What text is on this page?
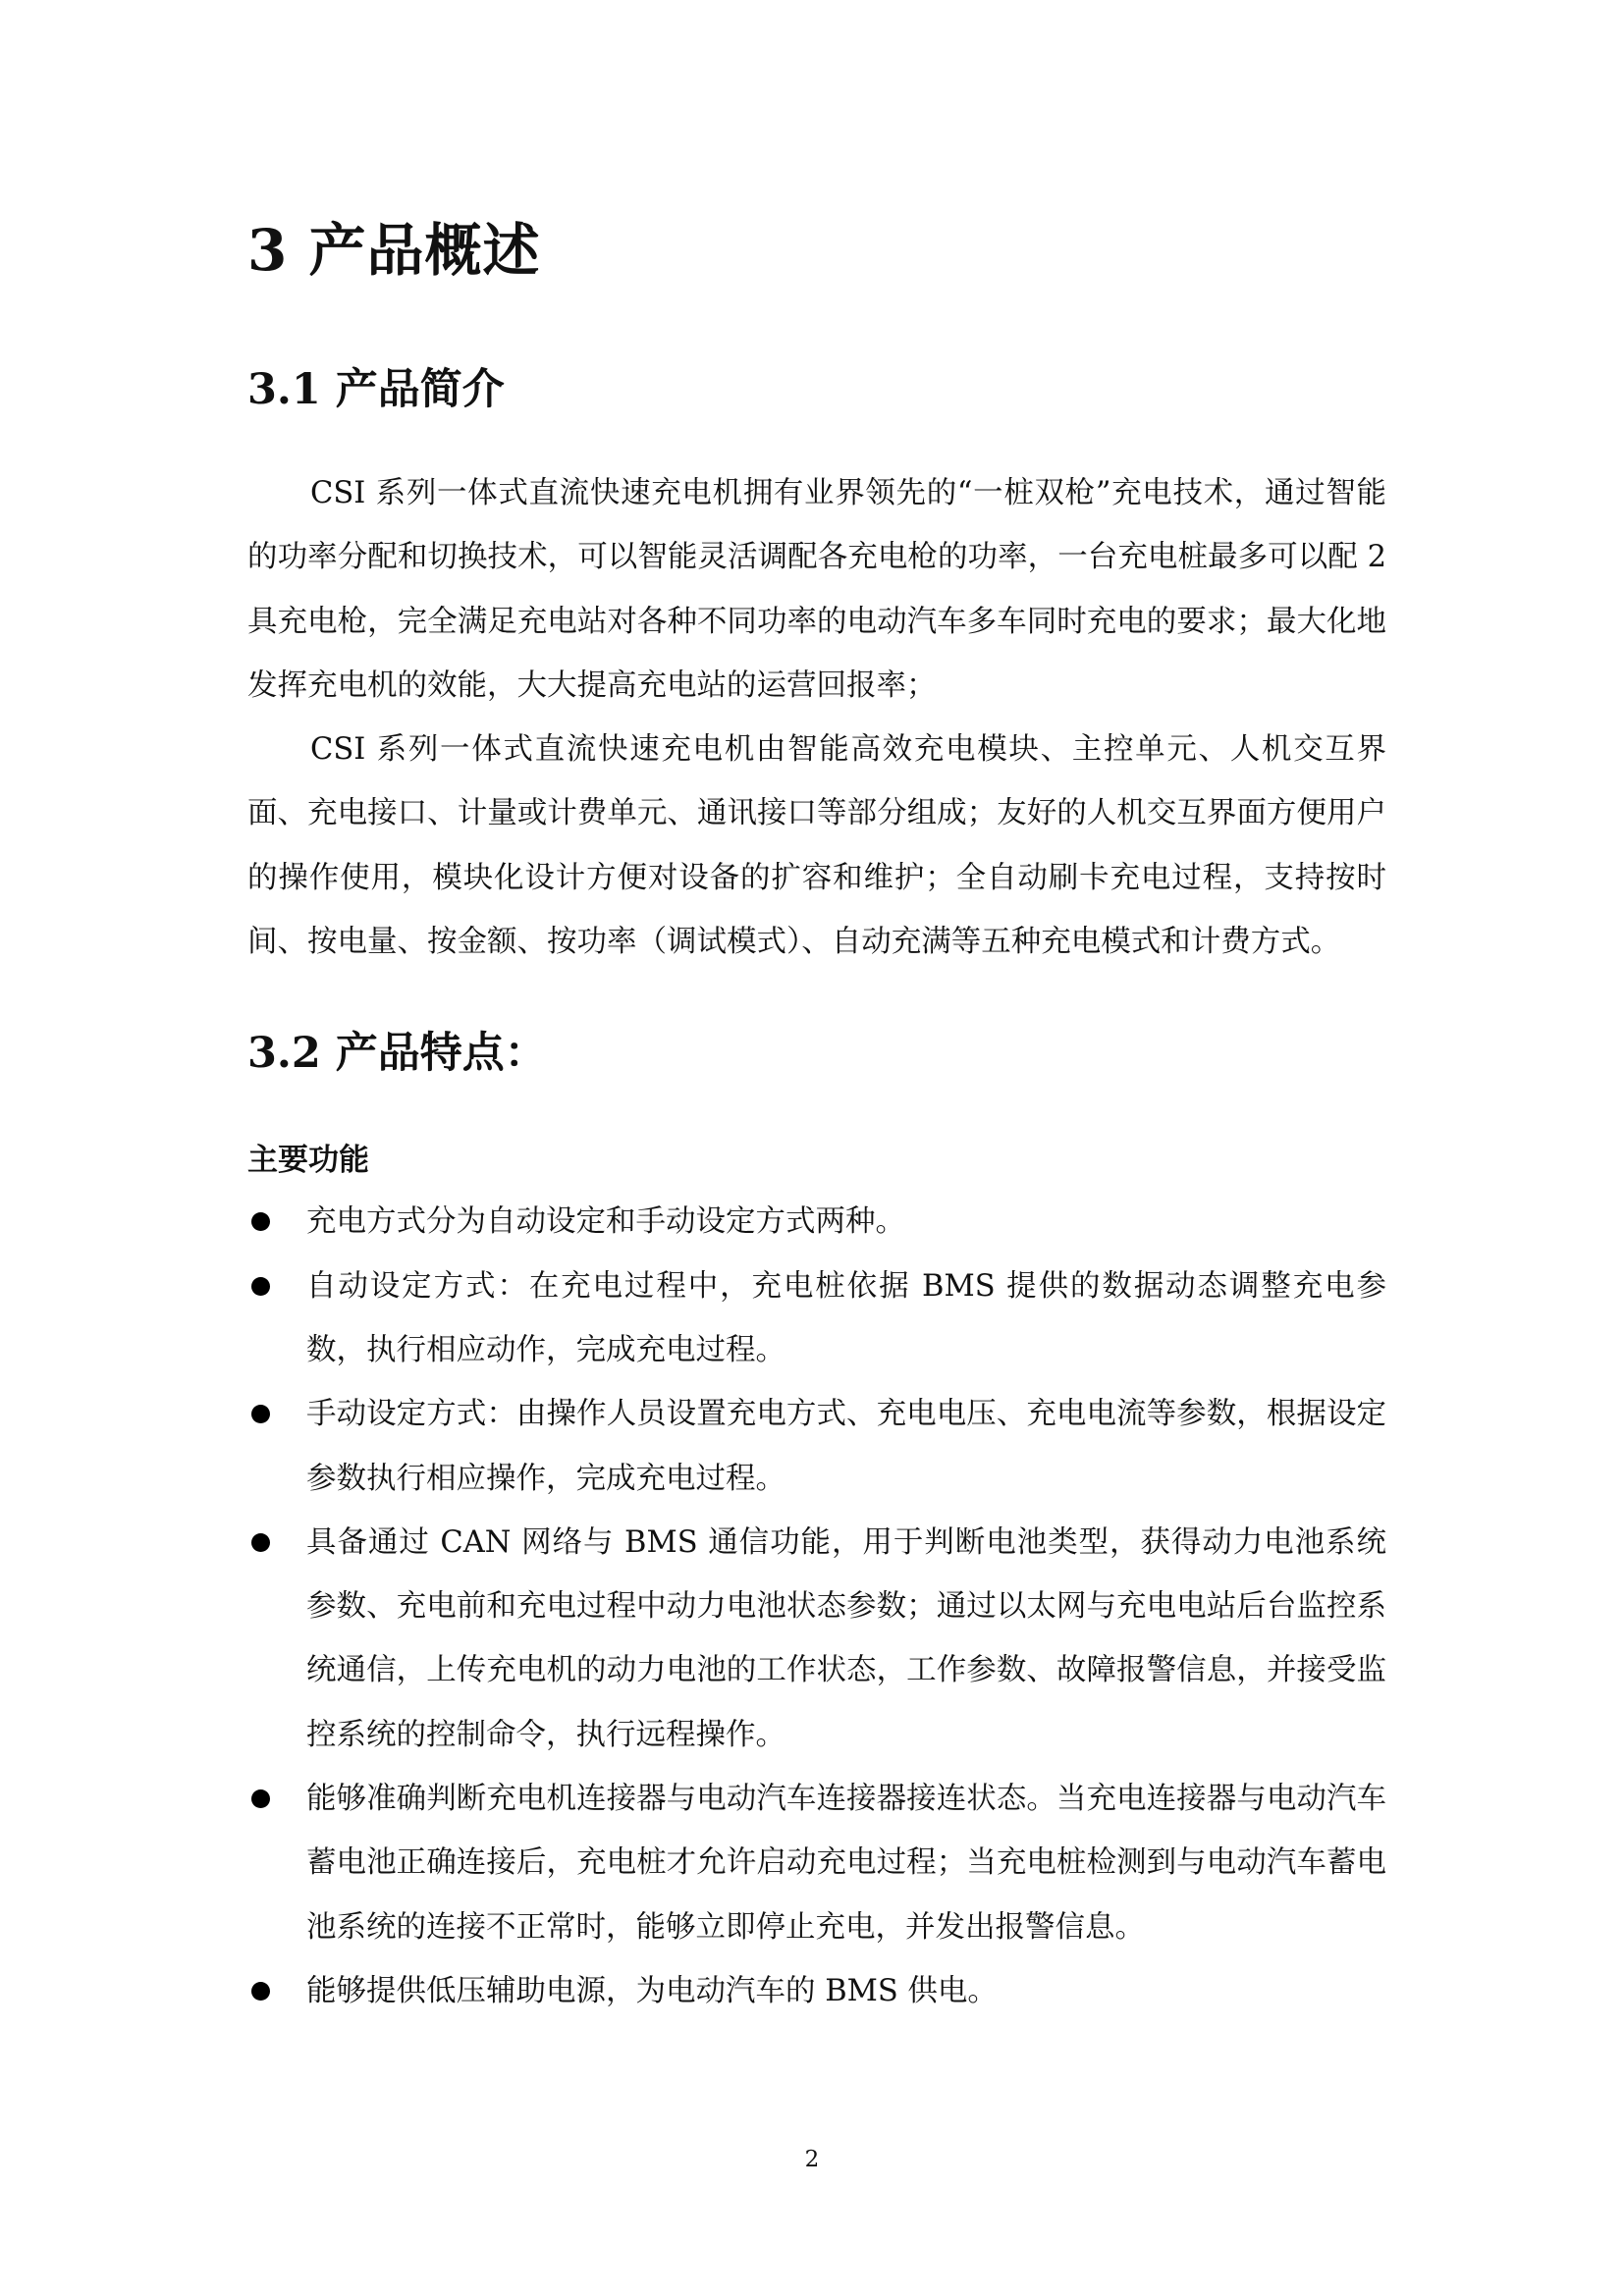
3 产品概述
3.1 产品简介

CSI 系列一体式直流快速充电机拥有业界领先的“一桩双枪”充电技术，通过智能的功率分配和切换技术，可以智能灵活调配各充电枪的功率，一台充电桩最多可以配 2 具充电枪，完全满足充电站对各种不同功率的电动汽车多车同时充电的要求；最大化地发挥充电机的效能，大大提高充电站的运营回报率；

CSI 系列一体式直流快速充电机由智能高效充电模块、主控单元、人机交互界面、充电接口、计量或计费单元、通讯接口等部分组成；友好的人机交互界面方便用户的操作使用，模块化设计方便对设备的扩容和维护；全自动刷卡充电过程，支持按时间、按电量、按金额、按功率（调试模式）、自动充满等五种充电模式和计费方式。

3.2 产品特点：
主要功能
充电方式分为自动设定和手动设定方式两种。
自动设定方式：在充电过程中，充电桩依据 BMS 提供的数据动态调整充电参数，执行相应动作，完成充电过程。
手动设定方式：由操作人员设置充电方式、充电电压、充电电流等参数，根据设定参数执行相应操作，完成充电过程。
具备通过 CAN 网络与 BMS 通信功能，用于判断电池类型，获得动力电池系统参数、充电前和充电过程中动力电池状态参数；通过以太网与充电电站后台监控系统通信，上传充电机的动力电池的工作状态，工作参数、故障报警信息，并接受监控系统的控制命令，执行远程操作。
能够准确判断充电机连接器与电动汽车连接器接连状态。当充电连接器与电动汽车蓄电池正确连接后，充电桩才允许启动充电过程；当充电桩检测到与电动汽车蓄电池系统的连接不正常时，能够立即停止充电，并发出报警信息。
能够提供低压辅助电源，为电动汽车的 BMS 供电。
2
